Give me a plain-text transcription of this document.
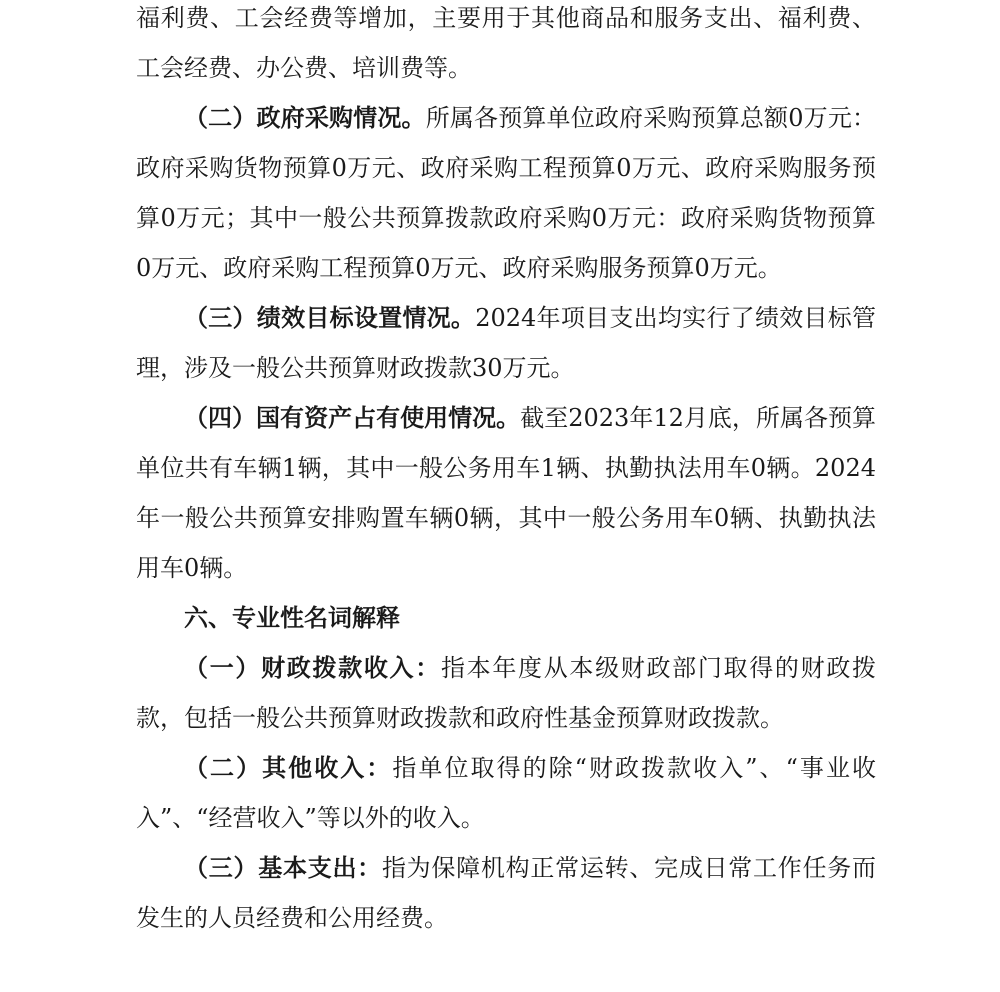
福利费、工会经费等增加，主要用于其他商品和服务支出、福利费、工会经费、办公费、培训费等。

（二）政府采购情况。所属各预算单位政府采购预算总额0万元：政府采购货物预算0万元、政府采购工程预算0万元、政府采购服务预算0万元；其中一般公共预算拨款政府采购0万元：政府采购货物预算0万元、政府采购工程预算0万元、政府采购服务预算0万元。

（三）绩效目标设置情况。2024年项目支出均实行了绩效目标管理，涉及一般公共预算财政拨款30万元。

（四）国有资产占有使用情况。截至2023年12月底，所属各预算单位共有车辆1辆，其中一般公务用车1辆、执勤执法用车0辆。2024年一般公共预算安排购置车辆0辆，其中一般公务用车0辆、执勤执法用车0辆。

六、专业性名词解释

（一）财政拨款收入：指本年度从本级财政部门取得的财政拨款，包括一般公共预算财政拨款和政府性基金预算财政拨款。

（二）其他收入：指单位取得的除“财政拨款收入”、“事业收入”、“经营收入”等以外的收入。

（三）基本支出：指为保障机构正常运转、完成日常工作任务而发生的人员经费和公用经费。
